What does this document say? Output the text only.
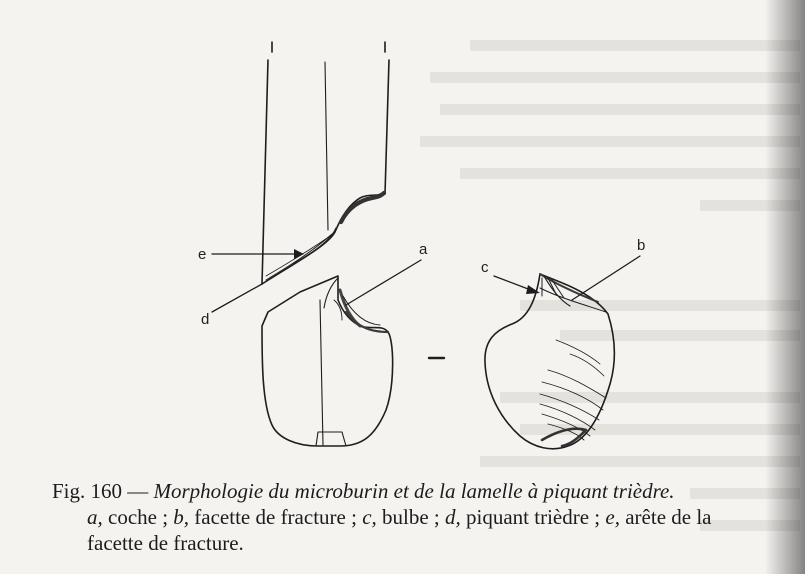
e
d
a	b
c
Fig. 160 — Morphologie du microburin et de la lamelle à piquant trièdre.
a, coche ; b, facette de fracture ; c, bulbe ; d, piquant trièdre ; e, arête de la
facette de fracture.
